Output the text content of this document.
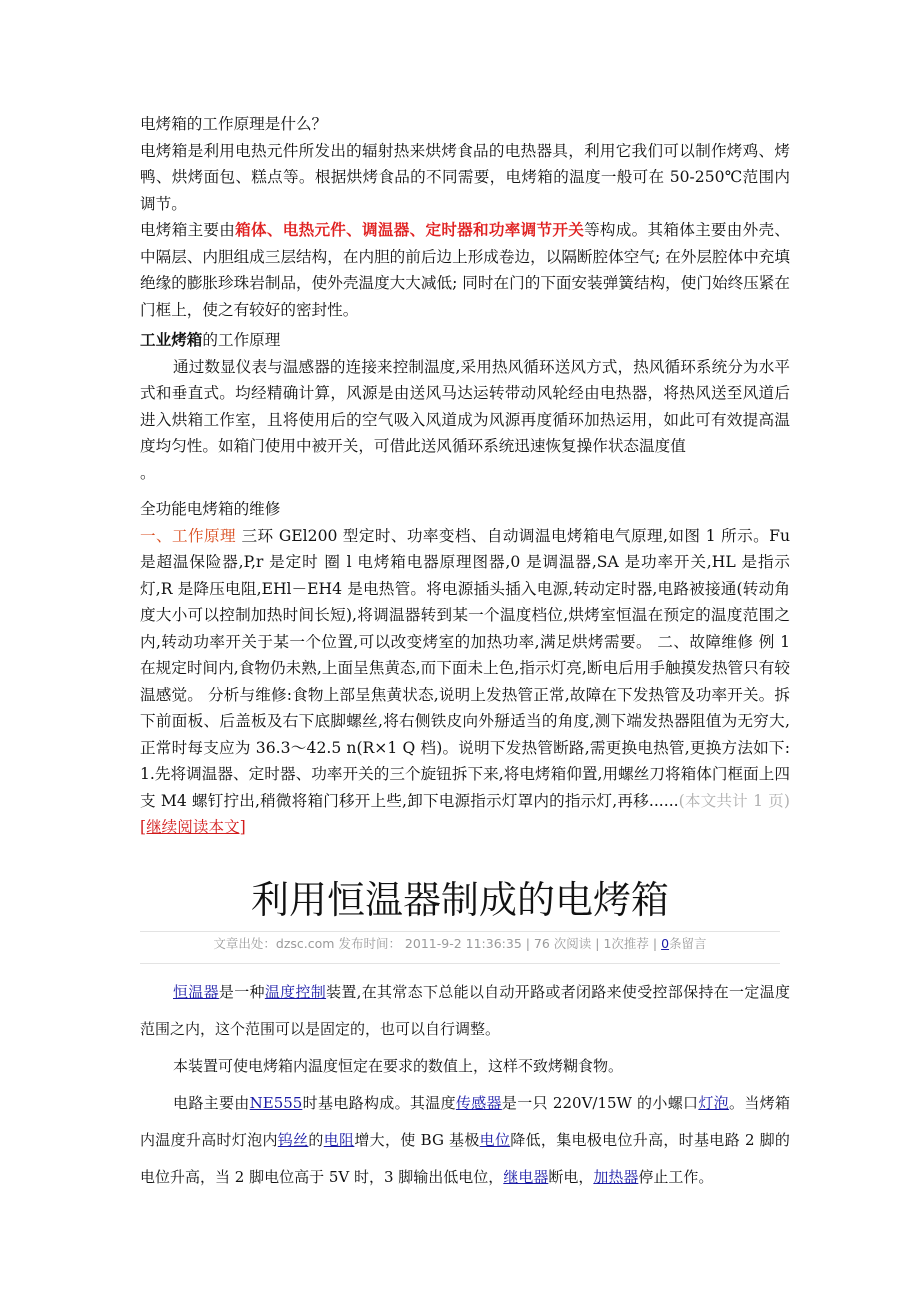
电烤箱的工作原理是什么？

电烤箱是利用电热元件所发出的辐射热来烘烤食品的电热器具，利用它我们可以制作烤鸡、烤鸭、烘烤面包、糕点等。根据烘烤食品的不同需要，电烤箱的温度一般可在 50-250℃范围内调节。

电烤箱主要由箱体、电热元件、调温器、定时器和功率调节开关等构成。其箱体主要由外壳、中隔层、内胆组成三层结构，在内胆的前后边上形成卷边，以隔断腔体空气; 在外层腔体中充填绝缘的膨胀珍珠岩制品，使外壳温度大大减低; 同时在门的下面安装弹簧结构，使门始终压紧在门框上，使之有较好的密封性。

工业烤箱的工作原理

通过数显仪表与温感器的连接来控制温度,采用热风循环送风方式，热风循环系统分为水平式和垂直式。均经精确计算，风源是由送风马达运转带动风轮经由电热器，将热风送至风道后进入烘箱工作室，且将使用后的空气吸入风道成为风源再度循环加热运用，如此可有效提高温度均匀性。如箱门使用中被开关，可借此送风循环系统迅速恢复操作状态温度值

。

全功能电烤箱的维修

一、工作原理 三环 GEl200 型定时、功率变档、自动调温电烤箱电气原理,如图 1 所示。Fu 是超温保险器,P,r 是定时 圈 l 电烤箱电器原理图器,0 是调温器,SA 是功率开关,HL 是指示灯,R 是降压电阻,EHl－EH4 是电热管。将电源插头插入电源,转动定时器,电路被接通(转动角度大小可以控制加热时间长短),将调温器转到某一个温度档位,烘烤室恒温在预定的温度范围之内,转动功率开关于某一个位置,可以改变烤室的加热功率,满足烘烤需要。 二、故障维修 例 1 在规定时间内,食物仍未熟,上面呈焦黄态,而下面未上色,指示灯亮,断电后用手触摸发热管只有较温感觉。 分析与维修:食物上部呈焦黄状态,说明上发热管正常,故障在下发热管及功率开关。拆下前面板、后盖板及右下底脚螺丝,将右侧铁皮向外掰适当的角度,测下端发热器阻值为无穷大,正常时每支应为 36.3～42.5 n(R×1 Q 档)。说明下发热管断路,需更换电热管,更换方法如下: 1.先将调温器、定时器、功率开关的三个旋钮拆下来,将电烤箱仰置,用螺丝刀将箱体门框面上四支 M4 螺钉拧出,稍微将箱门移开上些,卸下电源指示灯罩内的指示灯,再移......(本文共计 1 页)[继续阅读本文]

利用恒温器制成的电烤箱
文章出处：dzsc.com 发布时间： 2011-9-2 11:36:35 | 76 次阅读 | 1次推荐 | 0条留言

恒温器是一种温度控制装置,在其常态下总能以自动开路或者闭路来使受控部保持在一定温度范围之内，这个范围可以是固定的，也可以自行调整。

本装置可使电烤箱内温度恒定在要求的数值上，这样不致烤糊食物。

电路主要由NE555时基电路构成。其温度传感器是一只 220V/15W 的小螺口灯泡。当烤箱内温度升高时灯泡内钨丝的电阻增大，使 BG 基极电位降低，集电极电位升高，时基电路 2 脚的电位升高，当 2 脚电位高于 5V 时，3 脚输出低电位，继电器断电，加热器停止工作。
